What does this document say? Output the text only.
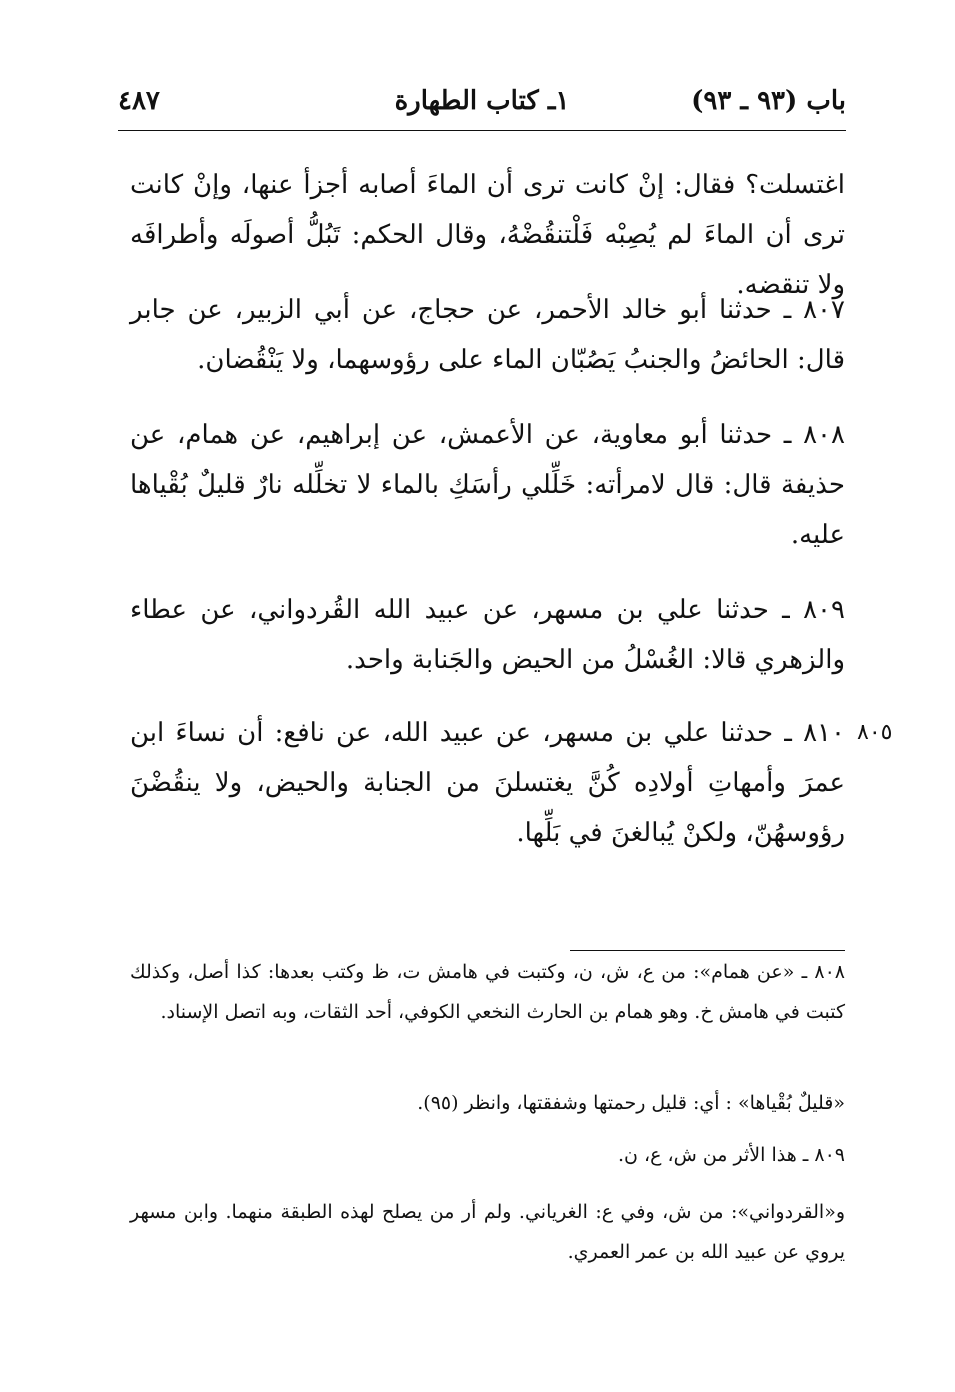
٤٨٧	١ـ كتاب الطهارة	باب (٩٣ ـ ٩٣)
اغتسلت؟ فقال: إنْ كانت ترى أن الماءَ أصابه أجزأ عنها، وإنْ كانت ترى أن الماءَ لم يُصِبْه فَلْتنقُضْهُ، وقال الحكم: تَبُلُّ أصولَه وأطرافَه ولا تنقضه.
٨٠٧ ـ حدثنا أبو خالد الأحمر، عن حجاج، عن أبي الزبير، عن جابر قال: الحائضُ والجنبُ يَصُبّان الماء على رؤوسهما، ولا يَنْقُضان.
٨٠٨ ـ حدثنا أبو معاوية، عن الأعمش، عن إبراهيم، عن همام، عن حذيفة قال: قال لامرأته: خَلِّلي رأسَكِ بالماء لا تخلِّله نارٌ قليلٌ بُقْياها عليه.
٨٠٩ ـ حدثنا علي بن مسهر، عن عبيد الله القُردواني، عن عطاء والزهري قالا: الغُسْلُ من الحيض والجَنابة واحد.
٨١٠ ـ حدثنا علي بن مسهر، عن عبيد الله، عن نافع: أن نساءَ ابن عمرَ وأمهاتِ أولادِه كُنَّ يغتسلنَ من الجنابة والحيض، ولا ينقُضْنَ رؤوسهُنّ، ولكنْ يُبالغنَ في بَلِّها.
٨٠٥
٨٠٨ ـ «عن همام»: من ع، ش، ن، وكتبت في هامش ت، ظ وكتب بعدها: كذا أصل، وكذلك كتبت في هامش خ. وهو همام بن الحارث النخعي الكوفي، أحد الثقات، وبه اتصل الإسناد.
«قليلٌ بُقْياها» : أي: قليل رحمتها وشفقتها، وانظر (٩٥).
٨٠٩ ـ هذا الأثر من ش، ع، ن.
و«القردواني»: من ش، وفي ع: الغرياني. ولم أر من يصلح لهذه الطبقة منهما. وابن مسهر يروي عن عبيد الله بن عمر العمري.
